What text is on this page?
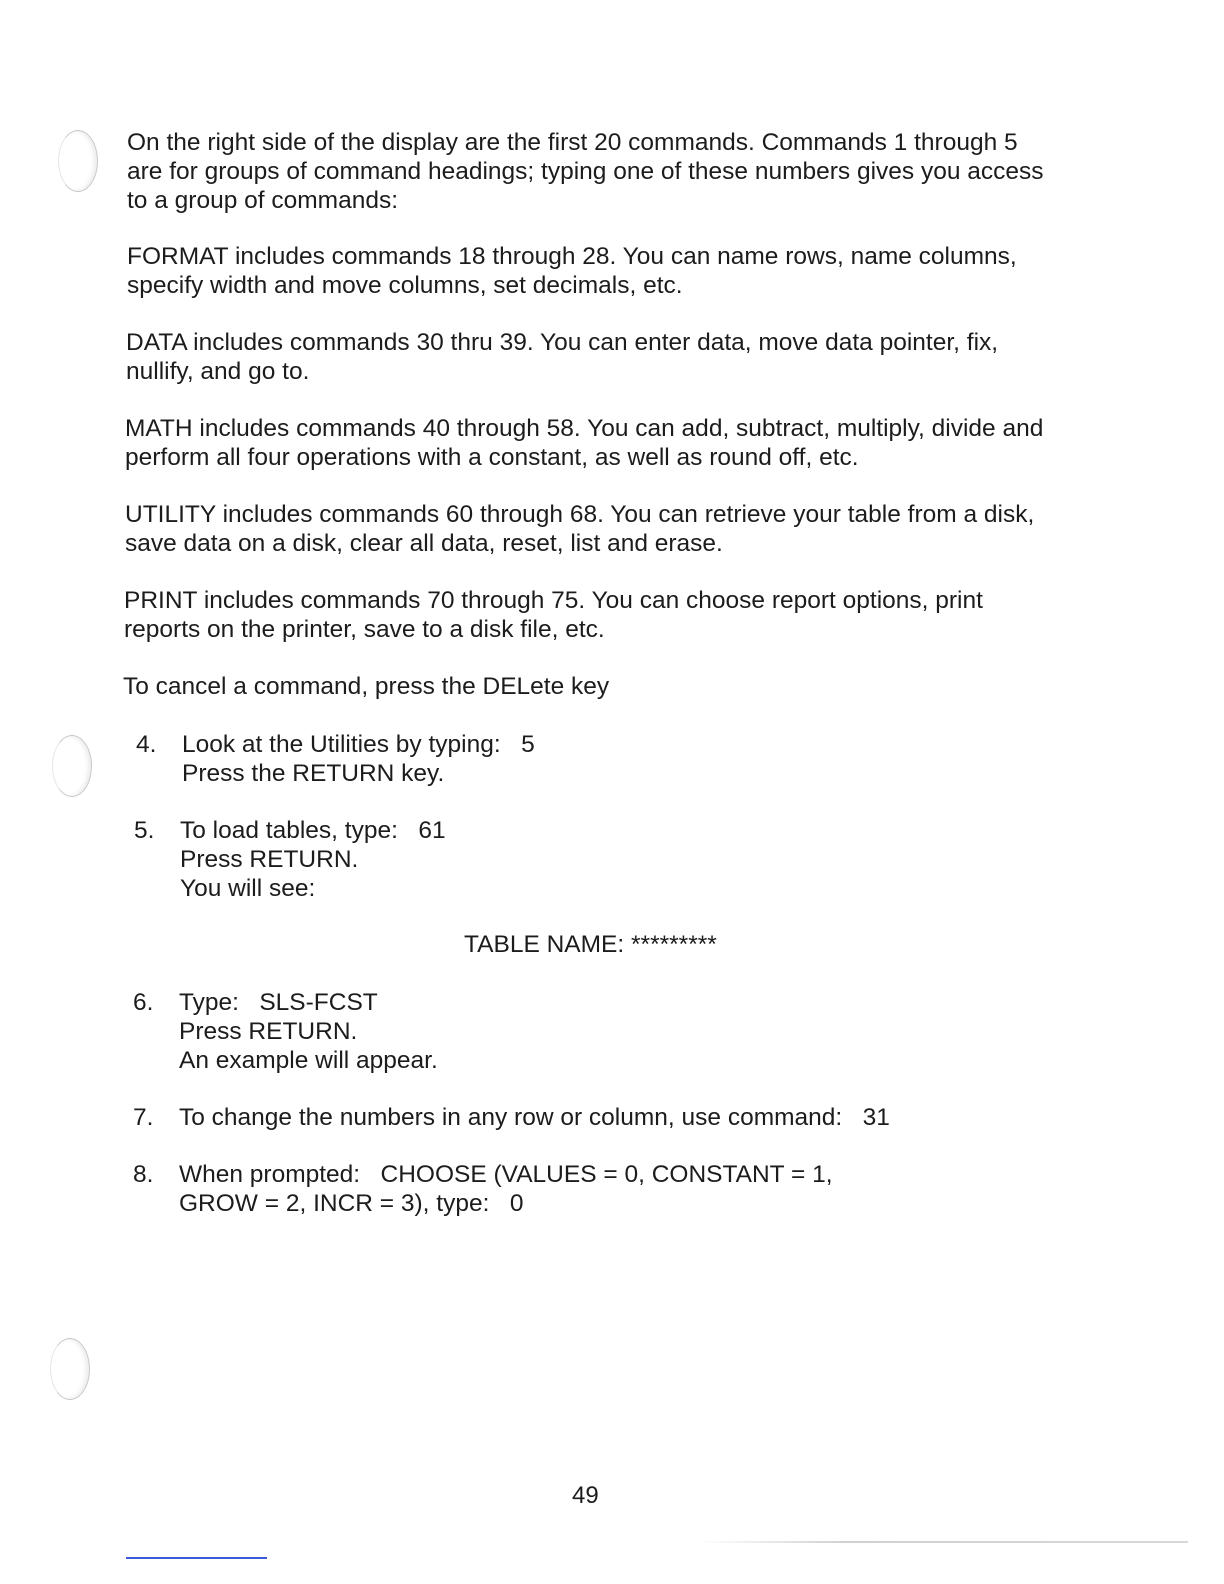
On the right side of the display are the first 20 commands. Commands 1 through 5 are for groups of command headings; typing one of these numbers gives you access to a group of commands:

FORMAT includes commands 18 through 28. You can name rows, name columns, specify width and move columns, set decimals, etc.

DATA includes commands 30 thru 39. You can enter data, move data pointer, fix, nullify, and go to.

MATH includes commands 40 through 58. You can add, subtract, multiply, divide and perform all four operations with a constant, as well as round off, etc.

UTILITY includes commands 60 through 68. You can retrieve your table from a disk, save data on a disk, clear all data, reset, list and erase.

PRINT includes commands 70 through 75. You can choose report options, print reports on the printer, save to a disk file, etc.

To cancel a command, press the DELete key

4.	Look at the Utilities by typing:   5
Press the RETURN key.
5.	To load tables, type:   61
Press RETURN.
You will see:
TABLE NAME: *********
6.	Type:   SLS-FCST
Press RETURN.
An example will appear.
7.	To change the numbers in any row or column, use command:   31
8.	When prompted:   CHOOSE (VALUES = 0, CONSTANT = 1,
GROW = 2, INCR = 3), type:   0
49
